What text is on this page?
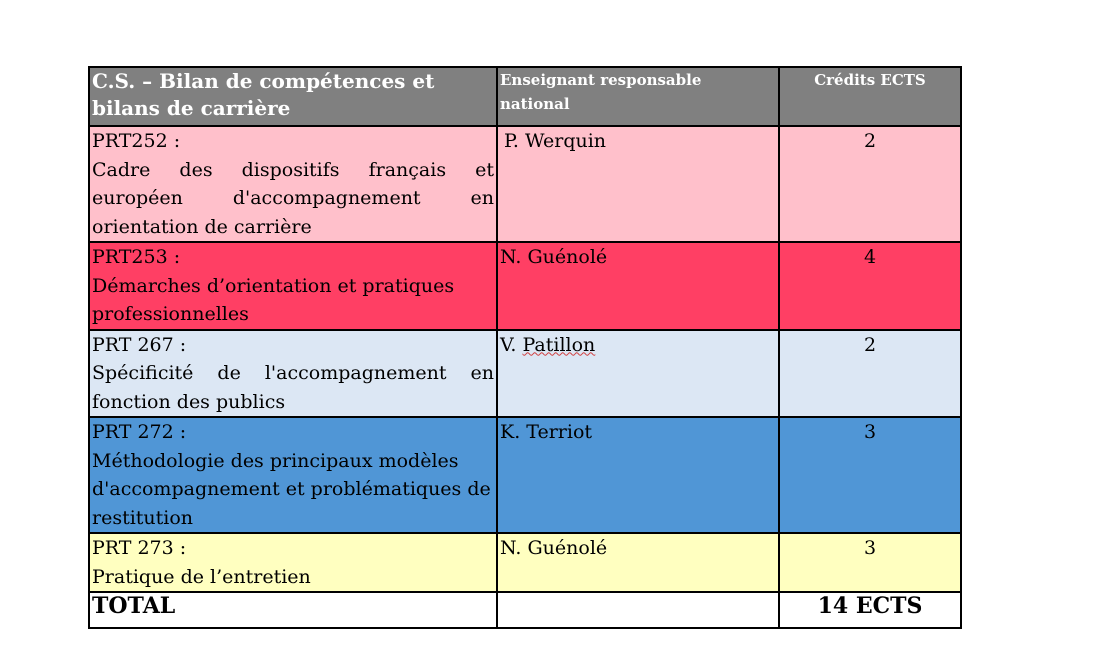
C.S. – Bilan de compétences et bilans de carrière	Enseignant responsable national	Crédits ECTS

PRT252 :
Cadre des dispositifs français et européen d'accompagnement en orientation de carrière	P. Werquin	2

PRT253 :
Démarches d’orientation et pratiques professionnelles	N. Guénolé	4

PRT 267 :
Spécificité de l'accompagnement en fonction des publics	V. Patillon	2

PRT 272 :
Méthodologie des principaux modèles d'accompagnement et problématiques de restitution	K. Terriot	3

PRT 273 :
Pratique de l’entretien	N. Guénolé	3

TOTAL		14 ECTS
